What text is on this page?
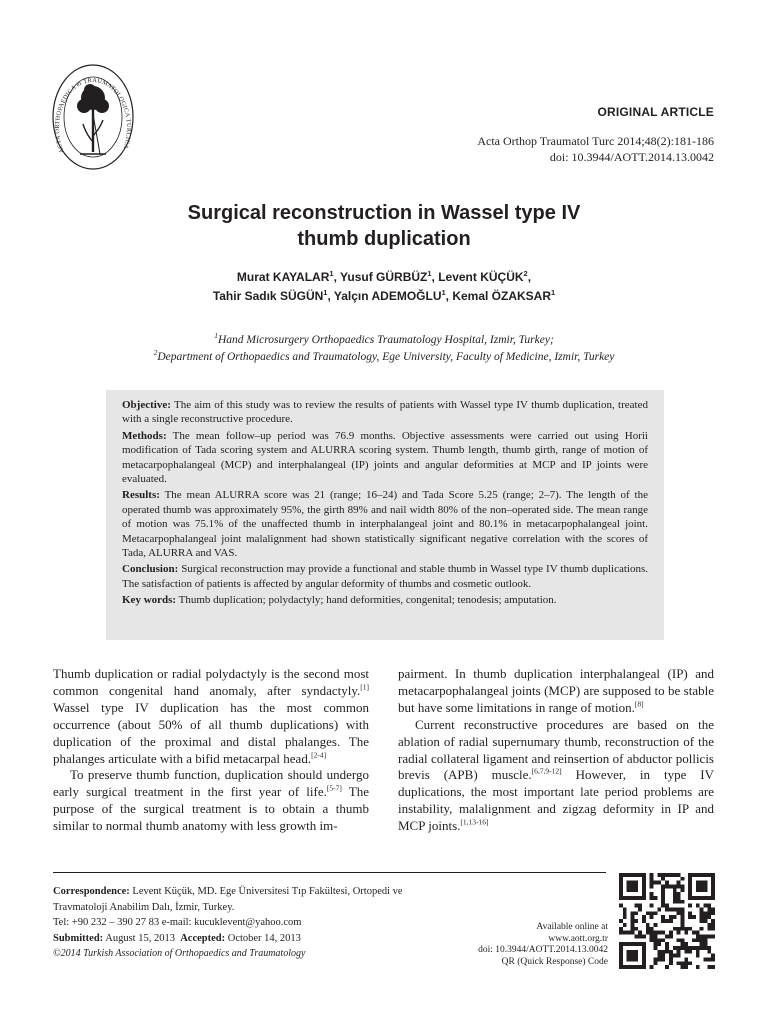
ACTA ORTHOPAEDICA et TRAUMATOLOGICA TURCICA
ORIGINAL ARTICLE
Acta Orthop Traumatol Turc 2014;48(2):181-186
doi: 10.3944/AOTT.2014.13.0042
Surgical reconstruction in Wassel type IV
thumb duplication
Murat KAYALAR$^1$, Yusuf GÜRBÜZ$^1$, Levent KÜÇÜK$^2$,
Tahir Sadık SÜGÜN$^1$, Yalçın ADEMOĞLU$^1$, Kemal ÖZAKSAR$^1$
$^1$Hand Microsurgery Orthopaedics Traumatology Hospital, Izmir, Turkey;
$^2$Department of Orthopaedics and Traumatology, Ege University, Faculty of Medicine, Izmir, Turkey

Objective: The aim of this study was to review the results of patients with Wassel type IV thumb duplication, treated with a single reconstructive procedure.

Methods: The mean follow–up period was 76.9 months. Objective assessments were carried out using Horii modification of Tada scoring system and ALURRA scoring system. Thumb length, thumb girth, range of motion of metacarpophalangeal (MCP) and interphalangeal (IP) joints and angular deformities at MCP and IP joints were evaluated.

Results: The mean ALURRA score was 21 (range; 16–24) and Tada Score 5.25 (range; 2–7). The length of the operated thumb was approximately 95%, the girth 89% and nail width 80% of the non–operated side. The mean range of motion was 75.1% of the unaffected thumb in interphalangeal joint and 80.1% in metacarpophalangeal joint. Metacarpophalangeal joint malalignment had shown statistically significant negative correlation with the scores of Tada, ALURRA and VAS.

Conclusion: Surgical reconstruction may provide a functional and stable thumb in Wassel type IV thumb duplications. The satisfaction of patients is affected by angular deformity of thumbs and cosmetic outlook.

Key words: Thumb duplication; polydactyly; hand deformities, congenital; tenodesis; amputation.

Thumb duplication or radial polydactyly is the second most common congenital hand anomaly, after syndactyly.[1] Wassel type IV duplication has the most common occurrence (about 50% of all thumb duplications) with duplication of the proximal and distal phalanges. The phalanges articulate with a bifid metacarpal head.[2-4]

To preserve thumb function, duplication should undergo early surgical treatment in the first year of life.[5-7] The purpose of the surgical treatment is to obtain a thumb similar to normal thumb anatomy with less growth im-

pairment. In thumb duplication interphalangeal (IP) and metacarpophalangeal joints (MCP) are supposed to be stable but have some limitations in range of motion.[8]

Current reconstructive procedures are based on the ablation of radial supernumary thumb, reconstruction of the radial collateral ligament and reinsertion of abductor pollicis brevis (APB) muscle.[6,7,9-12] However, in type IV duplications, the most important late period problems are instability, malalignment and zigzag deformity in IP and MCP joints.[1,13-16]

Correspondence: Levent Küçük, MD. Ege Üniversitesi Tıp Fakültesi, Ortopedi ve Travmatoloji Anabilim Dalı, İzmir, Turkey.

Tel: +90 232 – 390 27 83 e-mail: kucuklevent@yahoo.com

Submitted: August 15, 2013 Accepted: October 14, 2013

©2014 Turkish Association of Orthopaedics and Traumatology

Available online at

www.aott.org.tr

doi: 10.3944/AOTT.2014.13.0042

QR (Quick Response) Code
